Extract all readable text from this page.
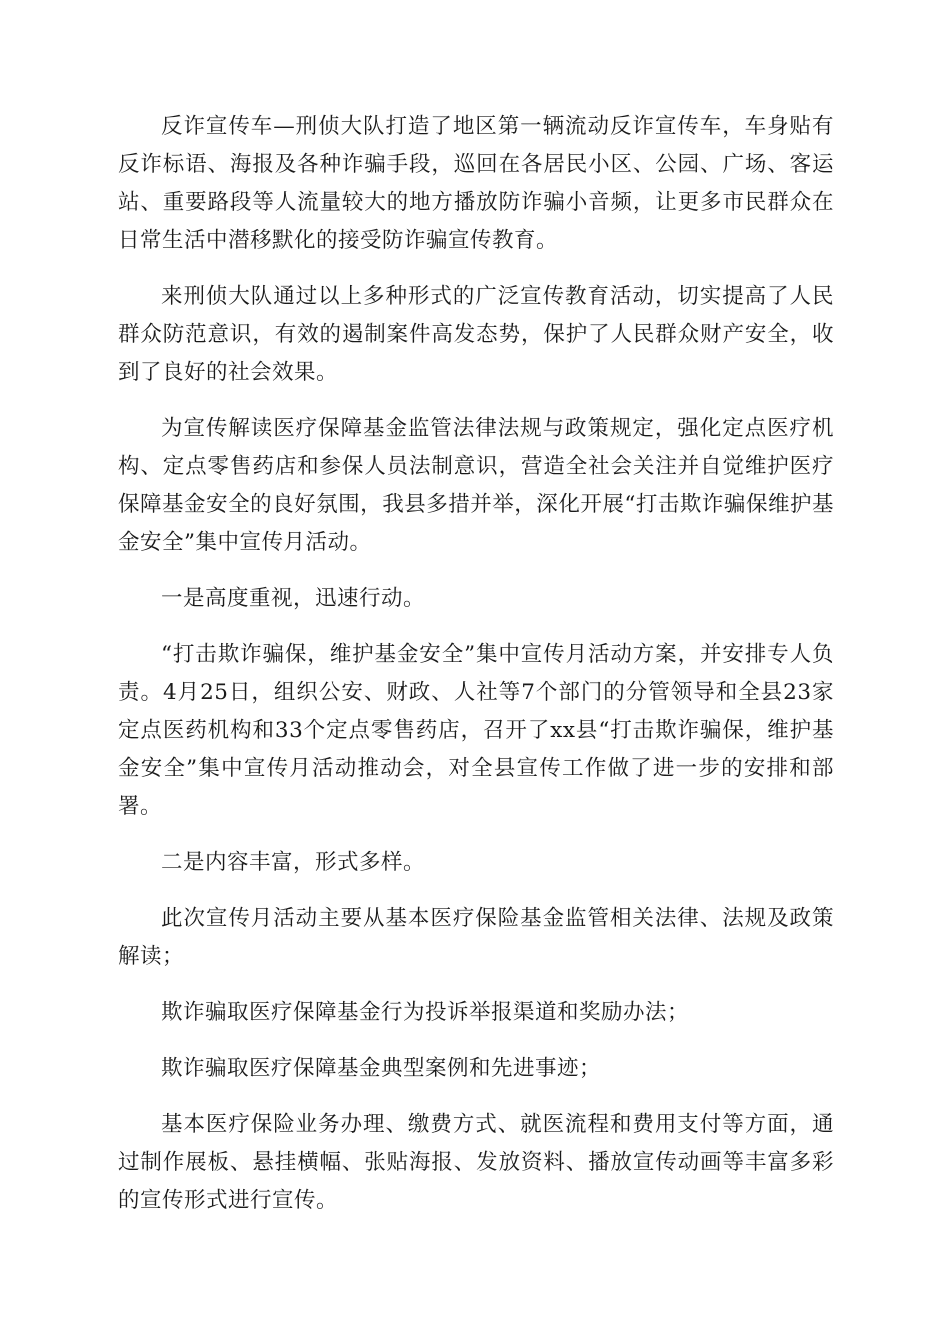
反诈宣传车—刑侦大队打造了地区第一辆流动反诈宣传车，车身贴有反诈标语、海报及各种诈骗手段，巡回在各居民小区、公园、广场、客运站、重要路段等人流量较大的地方播放防诈骗小音频，让更多市民群众在日常生活中潜移默化的接受防诈骗宣传教育。

来刑侦大队通过以上多种形式的广泛宣传教育活动，切实提高了人民群众防范意识，有效的遏制案件高发态势，保护了人民群众财产安全，收到了良好的社会效果。

为宣传解读医疗保障基金监管法律法规与政策规定，强化定点医疗机构、定点零售药店和参保人员法制意识，营造全社会关注并自觉维护医疗保障基金安全的良好氛围，我县多措并举，深化开展“打击欺诈骗保维护基金安全”集中宣传月活动。

一是高度重视，迅速行动。

“打击欺诈骗保，维护基金安全”集中宣传月活动方案，并安排专人负责。4月25日，组织公安、财政、人社等7个部门的分管领导和全县23家定点医药机构和33个定点零售药店，召开了xx县“打击欺诈骗保，维护基金安全”集中宣传月活动推动会，对全县宣传工作做了进一步的安排和部署。

二是内容丰富，形式多样。

此次宣传月活动主要从基本医疗保险基金监管相关法律、法规及政策解读；

欺诈骗取医疗保障基金行为投诉举报渠道和奖励办法；

欺诈骗取医疗保障基金典型案例和先进事迹；

基本医疗保险业务办理、缴费方式、就医流程和费用支付等方面，通过制作展板、悬挂横幅、张贴海报、发放资料、播放宣传动画等丰富多彩的宣传形式进行宣传。
